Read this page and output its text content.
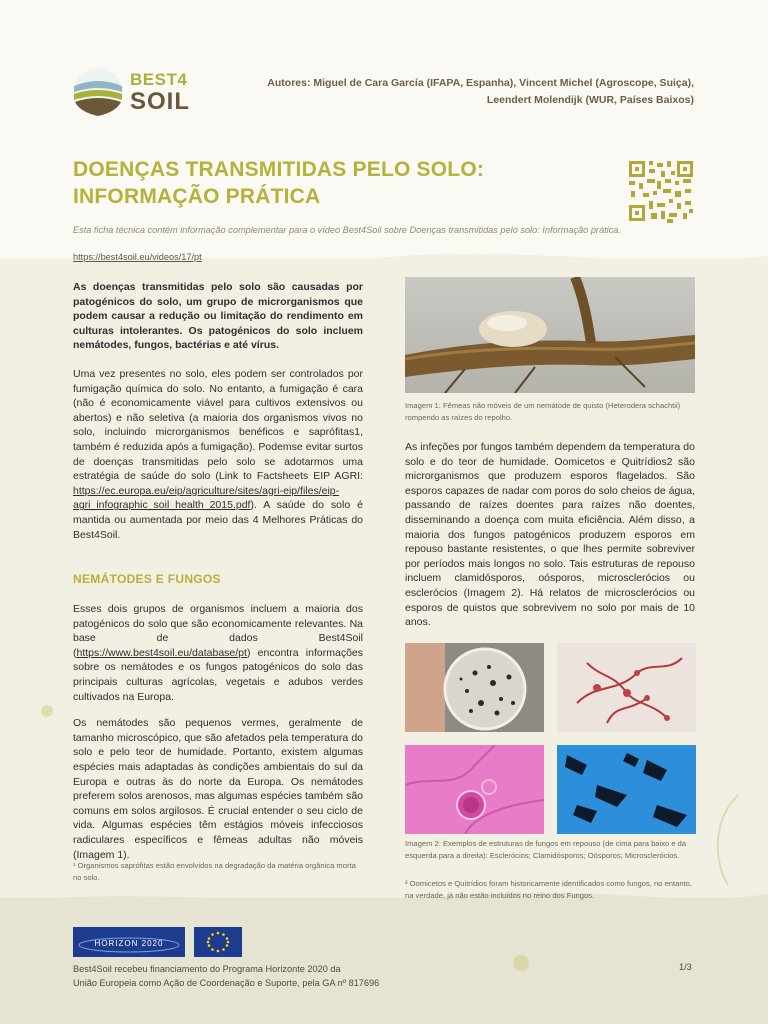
BEST4
SOIL
Autores: Miguel de Cara García (IFAPA, Espanha), Vincent Michel (Agroscope, Suiça),
Leendert Molendijk (WUR, Países Baixos)
DOENÇAS TRANSMITIDAS PELO SOLO:
INFORMAÇÃO PRÁTICA
Esta ficha técnica contém informação complementar para o vídeo Best4Soil sobre Doenças transmitidas pelo solo: Informação prática.
https://best4soil.eu/videos/17/pt

As doenças transmitidas pelo solo são causadas por patogénicos do solo, um grupo de microrganismos que podem causar a redução ou limitação do rendimento em culturas intolerantes. Os patogénicos do solo incluem nemátodes, fungos, bactérias e até vírus.

Uma vez presentes no solo, eles podem ser controlados por fumigação química do solo. No entanto, a fumigação é cara (não é economicamente viável para cultivos extensivos ou abertos) e não seletiva (a maioria dos organismos vivos no solo, incluindo microrganismos benéficos e saprófitas1, também é reduzida após a fumigação). Podemse evitar surtos de doenças transmitidas pelo solo se adotarmos uma estratégia de saúde do solo (Link to Factsheets EIP AGRI: https://ec.europa.eu/eip/agriculture/sites/agri-eip/files/eip-agri_infographic_soil_health_2015.pdf). A saúde do solo é mantida ou aumentada por meio das 4 Melhores Práticas do Best4Soil.

NEMÁTODES E FUNGOS

Esses dois grupos de organismos incluem a maioria dos patogénicos do solo que são economicamente relevantes. Na base de dados Best4Soil (https://www.best4soil.eu/database/pt) encontra informações sobre os nemátodes e os fungos patogénicos do solo das principais culturas agrícolas, vegetais e adubos verdes cultivados na Europa.

Os nemátodes são pequenos vermes, geralmente de tamanho microscópico, que são afetados pela temperatura do solo e pelo teor de humidade. Portanto, existem algumas espécies mais adaptadas às condições ambientais do sul da Europa e outras às do norte da Europa. Os nemátodes preferem solos arenosos, mas algumas espécies também são comuns em solos argilosos. É crucial entender o seu ciclo de vida. Algumas espécies têm estágios móveis infecciosos radiculares específicos e fêmeas adultas não móveis (Imagem 1).

¹ Organismos saprófitas estão envolvidos na degradação da matéria orgânica morta no solo.
Imagem 1: Fêmeas não móveis de um nemátode de quisto (Heterodera schachtii) rompendo as raízes do repolho.
As infeções por fungos também dependem da temperatura do solo e do teor de humidade. Oomicetos e Quitrídios2 são microrganismos que produzem esporos flagelados. São esporos capazes de nadar com poros do solo cheios de água, passando de raízes doentes para raízes não doentes, disseminando a doença com muita eficiência. Além disso, a maioria dos fungos patogénicos produzem esporos em repouso bastante resistentes, o que lhes permite sobreviver por períodos mais longos no solo. Tais estruturas de repouso incluem clamidósporos, oósporos, microsclerócios ou esclerócios (Imagem 2). Há relatos de microsclerócios ou esporos de quistos que sobrevivem no solo por mais de 10 anos.
Imagem 2: Exemplos de estruturas de fungos em repouso (de cima para baixo e da esquerda para a direita): Esclerócios; Clamidósporos; Oósporos; Microsclerócios.
² Oomicetos e Quitrídios foram historicamente identificados como fungos, no entanto, na verdade, já não estão incluídos no reino dos Fungos.
HORIZON 2020
Best4Soil recebeu financiamento do Programa Horizonte 2020 da
União Europeia como Ação de Coordenação e Suporte, pela GA nº 817696
1/3
